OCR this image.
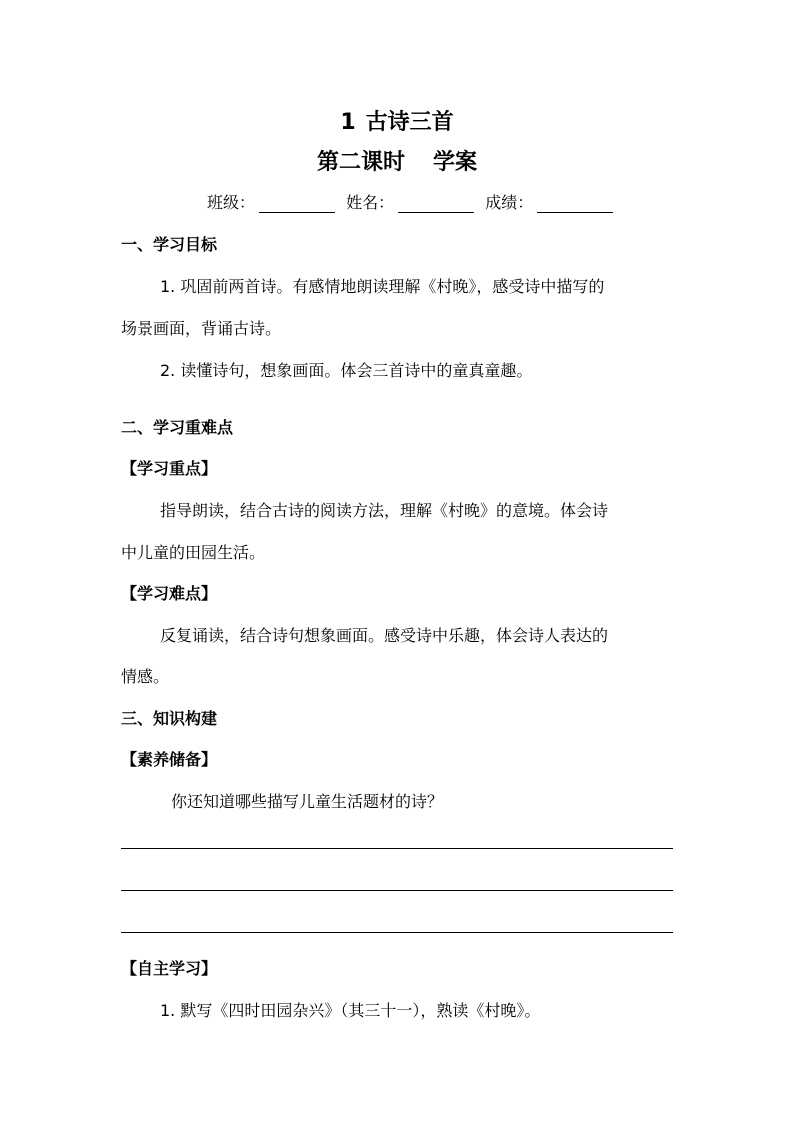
1 古诗三首
第二课时 学案
班级：	姓名：	成绩：
一、学习目标
1. 巩固前两首诗。有感情地朗读理解《村晚》，感受诗中描写的
场景画面，背诵古诗。
2. 读懂诗句，想象画面。体会三首诗中的童真童趣。
二、学习重难点
【学习重点】
指导朗读，结合古诗的阅读方法，理解《村晚》的意境。体会诗
中儿童的田园生活。
【学习难点】
反复诵读，结合诗句想象画面。感受诗中乐趣，体会诗人表达的
情感。
三、知识构建
【素养储备】
你还知道哪些描写儿童生活题材的诗？
【自主学习】
1. 默写《四时田园杂兴》（其三十一），熟读《村晚》。
